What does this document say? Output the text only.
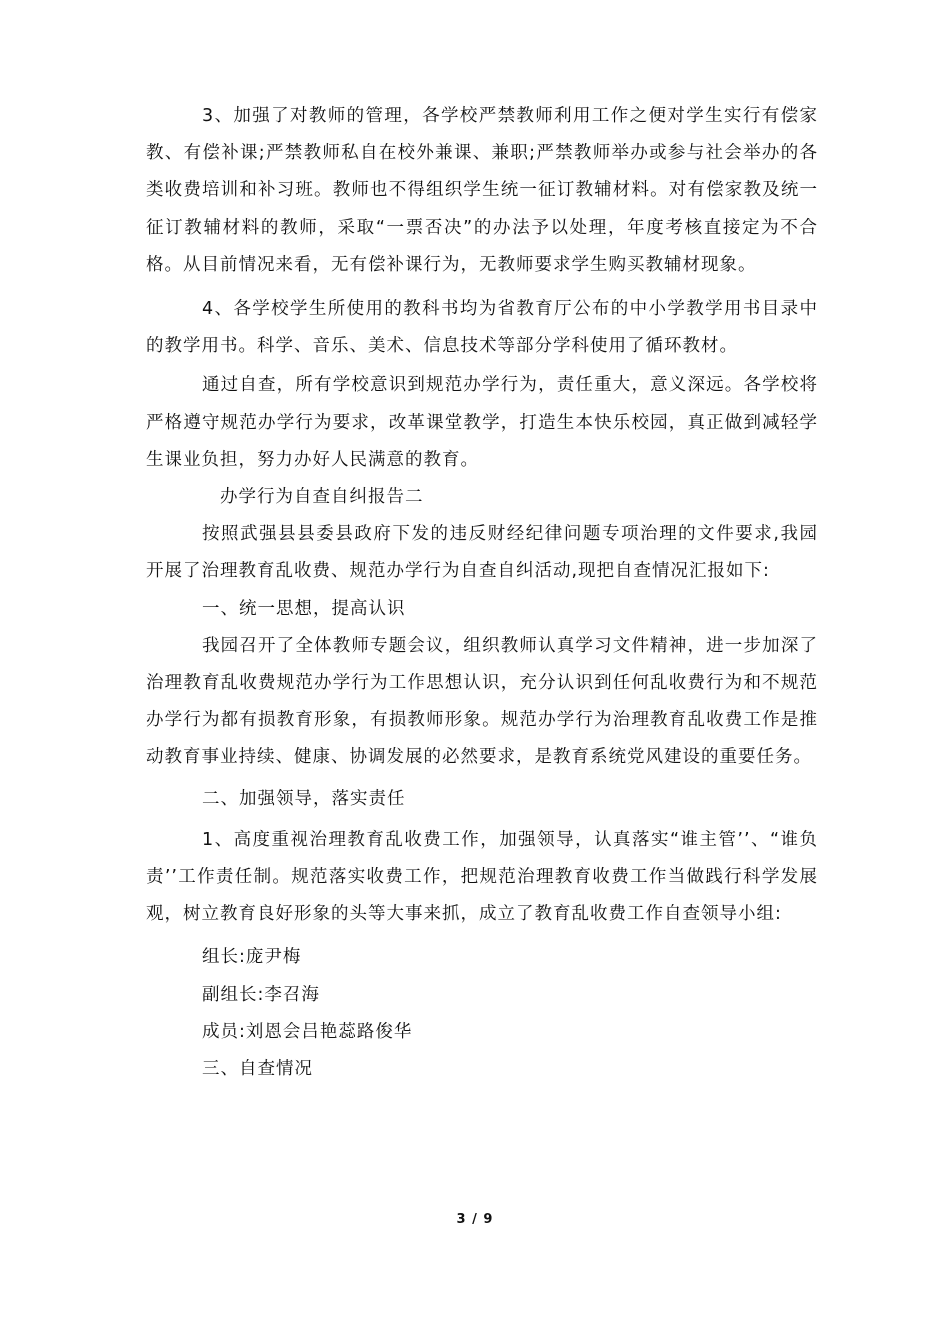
3、加强了对教师的管理，各学校严禁教师利用工作之便对学生实行有偿家教、有偿补课;严禁教师私自在校外兼课、兼职;严禁教师举办或参与社会举办的各类收费培训和补习班。教师也不得组织学生统一征订教辅材料。对有偿家教及统一征订教辅材料的教师，采取“一票否决”的办法予以处理，年度考核直接定为不合格。从目前情况来看，无有偿补课行为，无教师要求学生购买教辅材现象。

4、各学校学生所使用的教科书均为省教育厅公布的中小学教学用书目录中的教学用书。科学、音乐、美术、信息技术等部分学科使用了循环教材。

通过自查，所有学校意识到规范办学行为，责任重大，意义深远。各学校将严格遵守规范办学行为要求，改革课堂教学，打造生本快乐校园，真正做到减轻学生课业负担，努力办好人民满意的教育。

办学行为自查自纠报告二

按照武强县县委县政府下发的违反财经纪律问题专项治理的文件要求,我园开展了治理教育乱收费、规范办学行为自查自纠活动,现把自查情况汇报如下:

一、统一思想，提高认识

我园召开了全体教师专题会议，组织教师认真学习文件精神，进一步加深了治理教育乱收费规范办学行为工作思想认识，充分认识到任何乱收费行为和不规范办学行为都有损教育形象，有损教师形象。规范办学行为治理教育乱收费工作是推动教育事业持续、健康、协调发展的必然要求，是教育系统党风建设的重要任务。

二、加强领导，落实责任

1、高度重视治理教育乱收费工作，加强领导，认真落实“谁主管’’、“谁负责’’工作责任制。规范落实收费工作，把规范治理教育收费工作当做践行科学发展观，树立教育良好形象的头等大事来抓，成立了教育乱收费工作自查领导小组:

组长:庞尹梅

副组长:李召海

成员:刘恩会吕艳蕊路俊华

三、自查情况

3 / 9
